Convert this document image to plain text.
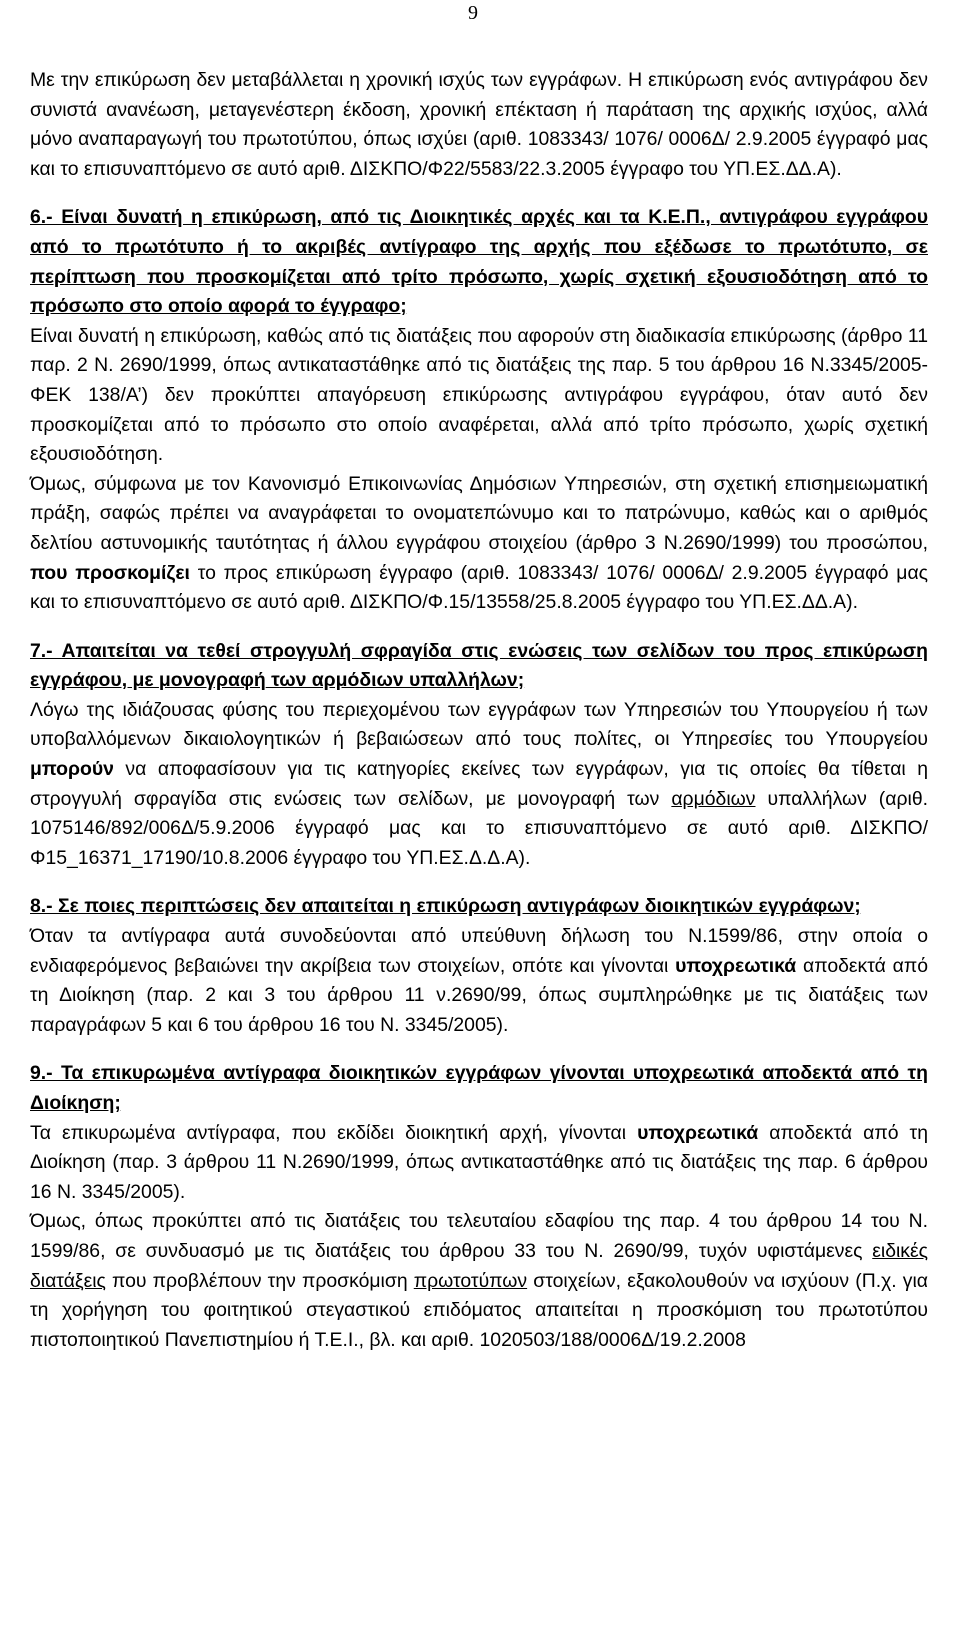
9

Με την επικύρωση δεν μεταβάλλεται η χρονική ισχύς των εγγράφων. Η επικύρωση ενός αντιγράφου δεν συνιστά ανανέωση, μεταγενέστερη έκδοση, χρονική επέκταση ή παράταση της αρχικής ισχύος, αλλά μόνο αναπαραγωγή του πρωτοτύπου, όπως ισχύει (αριθ. 1083343/ 1076/ 0006Δ/ 2.9.2005 έγγραφό μας και το επισυναπτόμενο σε αυτό αριθ. ΔΙΣΚΠΟ/Φ22/5583/22.3.2005 έγγραφο του ΥΠ.ΕΣ.ΔΔ.Α).

6.- Είναι δυνατή η επικύρωση, από τις Διοικητικές αρχές και τα Κ.Ε.Π., αντιγράφου εγγράφου από το πρωτότυπο ή το ακριβές αντίγραφο της αρχής που εξέδωσε το πρωτότυπο, σε περίπτωση που προσκομίζεται από τρίτο πρόσωπο, χωρίς σχετική εξουσιοδότηση από το πρόσωπο στο οποίο αφορά το έγγραφο;

Είναι δυνατή η επικύρωση, καθώς από τις διατάξεις που αφορούν στη διαδικασία επικύρωσης (άρθρο 11 παρ. 2 Ν. 2690/1999, όπως αντικαταστάθηκε από τις διατάξεις της παρ. 5 του άρθρου 16 Ν.3345/2005- ΦΕΚ 138/Α’) δεν προκύπτει απαγόρευση επικύρωσης αντιγράφου εγγράφου, όταν αυτό δεν προσκομίζεται από το πρόσωπο στο οποίο αναφέρεται, αλλά από τρίτο πρόσωπο, χωρίς σχετική εξουσιοδότηση.

Όμως, σύμφωνα με τον Κανονισμό Επικοινωνίας Δημόσιων Υπηρεσιών, στη σχετική επισημειωματική πράξη, σαφώς πρέπει να αναγράφεται το ονοματεπώνυμο και το πατρώνυμο, καθώς και ο αριθμός δελτίου αστυνομικής ταυτότητας ή άλλου εγγράφου στοιχείου (άρθρο 3 Ν.2690/1999) του προσώπου, που προσκομίζει το προς επικύρωση έγγραφο (αριθ. 1083343/ 1076/ 0006Δ/ 2.9.2005 έγγραφό μας και το επισυναπτόμενο σε αυτό αριθ. ΔΙΣΚΠΟ/Φ.15/13558/25.8.2005 έγγραφο του ΥΠ.ΕΣ.ΔΔ.Α).

7.- Απαιτείται να τεθεί στρογγυλή σφραγίδα στις ενώσεις των σελίδων του προς επικύρωση εγγράφου, με μονογραφή των αρμόδιων υπαλλήλων;

Λόγω της ιδιάζουσας φύσης του περιεχομένου των εγγράφων των Υπηρεσιών του Υπουργείου ή των υποβαλλόμενων δικαιολογητικών ή βεβαιώσεων από τους πολίτες, οι Υπηρεσίες του Υπουργείου μπορούν να αποφασίσουν για τις κατηγορίες εκείνες των εγγράφων, για τις οποίες θα τίθεται η στρογγυλή σφραγίδα στις ενώσεις των σελίδων, με μονογραφή των αρμόδιων υπαλλήλων (αριθ. 1075146/892/006Δ/5.9.2006 έγγραφό μας και το επισυναπτόμενο σε αυτό αριθ. ΔΙΣΚΠΟ/Φ15_16371_17190/10.8.2006 έγγραφο του ΥΠ.ΕΣ.Δ.Δ.Α).

8.- Σε ποιες περιπτώσεις δεν απαιτείται η επικύρωση αντιγράφων διοικητικών εγγράφων;

Όταν τα αντίγραφα αυτά συνοδεύονται από υπεύθυνη δήλωση του Ν.1599/86, στην οποία ο ενδιαφερόμενος βεβαιώνει την ακρίβεια των στοιχείων, οπότε και γίνονται υποχρεωτικά αποδεκτά από τη Διοίκηση (παρ. 2 και 3 του άρθρου 11 ν.2690/99, όπως συμπληρώθηκε με τις διατάξεις των παραγράφων 5 και 6 του άρθρου 16 του Ν. 3345/2005).

9.- Τα επικυρωμένα αντίγραφα διοικητικών εγγράφων γίνονται υποχρεωτικά αποδεκτά από τη Διοίκηση;

Τα επικυρωμένα αντίγραφα, που εκδίδει διοικητική αρχή, γίνονται υποχρεωτικά αποδεκτά από τη Διοίκηση (παρ. 3 άρθρου 11 Ν.2690/1999, όπως αντικαταστάθηκε από τις διατάξεις της παρ. 6 άρθρου 16 Ν. 3345/2005).

Όμως, όπως προκύπτει από τις διατάξεις του τελευταίου εδαφίου της παρ. 4 του άρθρου 14 του Ν. 1599/86, σε συνδυασμό με τις διατάξεις του άρθρου 33 του Ν. 2690/99, τυχόν υφιστάμενες ειδικές διατάξεις που προβλέπουν την προσκόμιση πρωτοτύπων στοιχείων, εξακολουθούν να ισχύουν (Π.χ. για τη χορήγηση του φοιτητικού στεγαστικού επιδόματος απαιτείται η προσκόμιση του πρωτοτύπου πιστοποιητικού Πανεπιστημίου ή Τ.Ε.Ι., βλ. και αριθ. 1020503/188/0006Δ/19.2.2008
